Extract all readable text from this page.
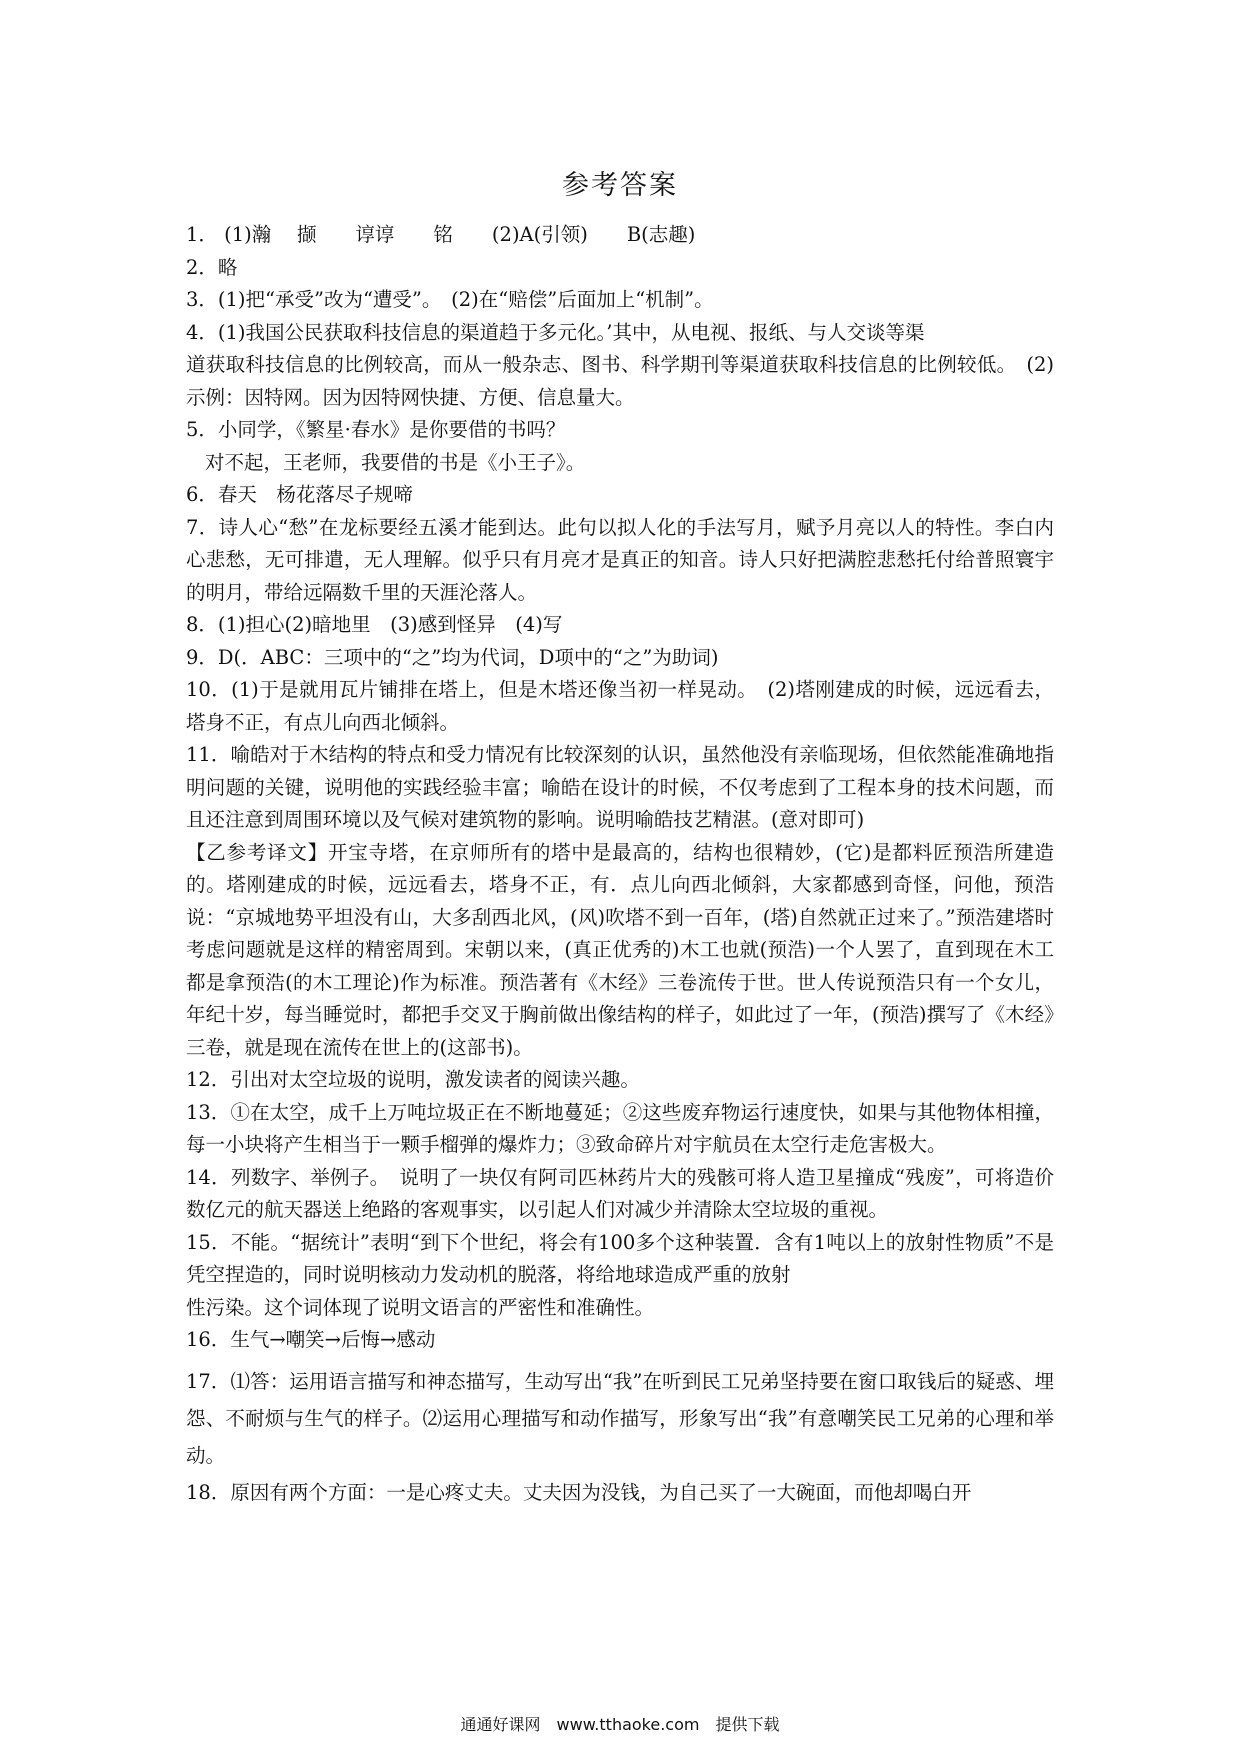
参考答案

1． (1)瀚　 撷　　谆谆　　铭　　(2)A(引领)　　B(志趣)

2．略

3．(1)把“承受”改为“遭受”。　(2)在“赔偿”后面加上“机制”。

4．(1)我国公民获取科技信息的渠道趋于多元化。’其中，从电视、报纸、与人交谈等渠

道获取科技信息的比例较高，而从一般杂志、图书、科学期刊等渠道获取科技信息的比例较低。　(2)示例：因特网。因为因特网快捷、方便、信息量大。

5．小同学，《繁星·春水》是你要借的书吗？

对不起，王老师，我要借的书是《小王子》。

6．春天　杨花落尽子规啼

7．诗人心“愁”在龙标要经五溪才能到达。此句以拟人化的手法写月，赋予月亮以人的特性。李白内心悲愁，无可排遣，无人理解。似乎只有月亮才是真正的知音。诗人只好把满腔悲愁托付给普照寰宇的明月，带给远隔数千里的天涯沦落人。

8．(1)担心(2)暗地里　(3)感到怪异　(4)写

9．D(．ABC：三项中的“之”均为代词，D项中的“之”为助词)

10．(1)于是就用瓦片铺排在塔上，但是木塔还像当初一样晃动。　(2)塔刚建成的时候，远远看去，塔身不正，有点儿向西北倾斜。

11．喻皓对于木结构的特点和受力情况有比较深刻的认识，虽然他没有亲临现场，但依然能准确地指明问题的关键，说明他的实践经验丰富；喻皓在设计的时候，不仅考虑到了工程本身的技术问题，而且还注意到周围环境以及气候对建筑物的影响。说明喻皓技艺精湛。(意对即可)

【乙参考译文】开宝寺塔，在京师所有的塔中是最高的，结构也很精妙，(它)是都料匠预浩所建造的。塔刚建成的时候，远远看去，塔身不正，有．点儿向西北倾斜，大家都感到奇怪，问他，预浩说：“京城地势平坦没有山，大多刮西北风，(风)吹塔不到一百年，(塔)自然就正过来了。”预浩建塔时考虑问题就是这样的精密周到。宋朝以来，(真正优秀的)木工也就(预浩)一个人罢了，直到现在木工都是拿预浩(的木工理论)作为标准。预浩著有《木经》三卷流传于世。世人传说预浩只有一个女儿，年纪十岁，每当睡觉时，都把手交叉于胸前做出像结构的样子，如此过了一年，(预浩)撰写了《木经》三卷，就是现在流传在世上的(这部书)。

12．引出对太空垃圾的说明，激发读者的阅读兴趣。

13．①在太空，成千上万吨垃圾正在不断地蔓延；②这些废弃物运行速度快，如果与其他物体相撞，每一小块将产生相当于一颗手榴弹的爆炸力；③致命碎片对宇航员在太空行走危害极大。

14．列数字、举例子。　说明了一块仅有阿司匹林药片大的残骸可将人造卫星撞成“残废”，可将造价数亿元的航天器送上绝路的客观事实，以引起人们对减少并清除太空垃圾的重视。

15．不能。“据统计”表明“到下个世纪，将会有100多个这种装置．含有1吨以上的放射性物质”不是凭空捏造的，同时说明核动力发动机的脱落，将给地球造成严重的放射

性污染。这个词体现了说明文语言的严密性和准确性。

16．生气→嘲笑→后悔→感动

17．⑴答：运用语言描写和神态描写，生动写出“我”在听到民工兄弟坚持要在窗口取钱后的疑惑、埋怨、不耐烦与生气的样子。⑵运用心理描写和动作描写，形象写出“我”有意嘲笑民工兄弟的心理和举动。

18．原因有两个方面：一是心疼丈夫。丈夫因为没钱，为自己买了一大碗面，而他却喝白开

通通好课网　www.tthaoke.com　提供下载
